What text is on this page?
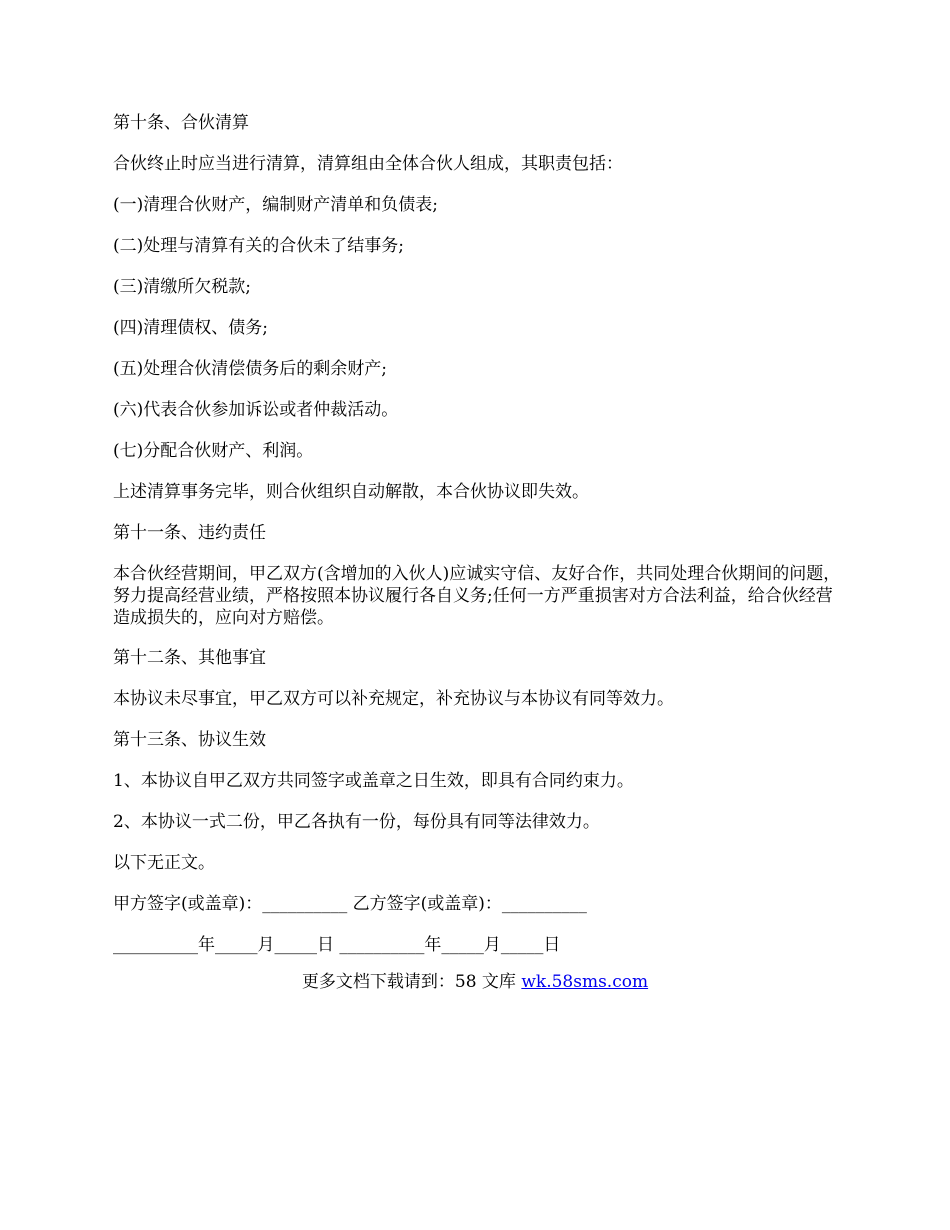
第十条、合伙清算

合伙终止时应当进行清算，清算组由全体合伙人组成，其职责包括：

(一)清理合伙财产，编制财产清单和负债表;

(二)处理与清算有关的合伙未了结事务;

(三)清缴所欠税款;

(四)清理债权、债务;

(五)处理合伙清偿债务后的剩余财产;

(六)代表合伙参加诉讼或者仲裁活动。

(七)分配合伙财产、利润。

上述清算事务完毕，则合伙组织自动解散，本合伙协议即失效。

第十一条、违约责任

本合伙经营期间，甲乙双方(含增加的入伙人)应诚实守信、友好合作，共同处理合伙期间的问题，努力提高经营业绩，严格按照本协议履行各自义务;任何一方严重损害对方合法利益，给合伙经营造成损失的，应向对方赔偿。

第十二条、其他事宜

本协议未尽事宜，甲乙双方可以补充规定，补充协议与本协议有同等效力。

第十三条、协议生效

1、本协议自甲乙双方共同签字或盖章之日生效，即具有合同约束力。

2、本协议一式二份，甲乙各执有一份，每份具有同等法律效力。

以下无正文。

甲方签字(或盖章)：__________ 乙方签字(或盖章)：__________

__________年_____月_____日 __________年_____月_____日

更多文档下载请到：58 文库 wk.58sms.com
